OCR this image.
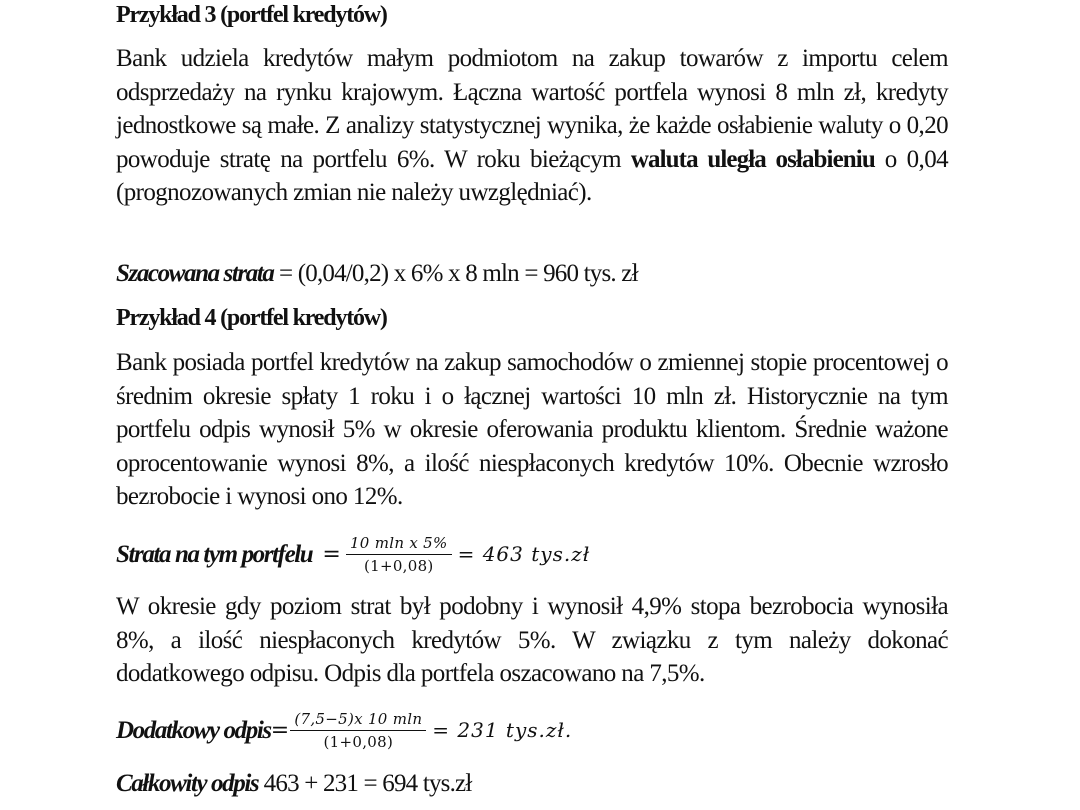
Przykład 3 (portfel kredytów)

Bank udziela kredytów małym podmiotom na zakup towarów z importu celem odsprzedaży na rynku krajowym. Łączna wartość portfela wynosi 8 mln zł, kredyty jednostkowe są małe. Z analizy statystycznej wynika, że każde osłabienie waluty o 0,20 powoduje stratę na portfelu 6%. W roku bieżącym waluta uległa osłabieniu o 0,04 (prognozowanych zmian nie należy uwzględniać).

Szacowana strata = (0,04/0,2) x 6% x 8 mln = 960 tys. zł

Przykład 4 (portfel kredytów)

Bank posiada portfel kredytów na zakup samochodów o zmiennej stopie procentowej o średnim okresie spłaty 1 roku i o łącznej wartości 10 mln zł. Historycznie na tym portfelu odpis wynosił 5% w okresie oferowania produktu klientom. Średnie ważone oprocentowanie wynosi 8%, a ilość niespłaconych kredytów 10%. Obecnie wzrosło bezrobocie i wynosi ono 12%.

Strata na tym portfelu = $\frac{\text{10 mln x 5\%}}{(1+0,08)} = 463$ tys.zł

W okresie gdy poziom strat był podobny i wynosił 4,9% stopa bezrobocia wynosiła 8%, a ilość niespłaconych kredytów 5%. W związku z tym należy dokonać dodatkowego odpisu. Odpis dla portfela oszacowano na 7,5%.

Dodatkowy odpis = $\frac{(7,5-5)x 10 mln}{(1+0,08)} = 231$ tys.zł.

Całkowity odpis 463 + 231 = 694 tys.zł
